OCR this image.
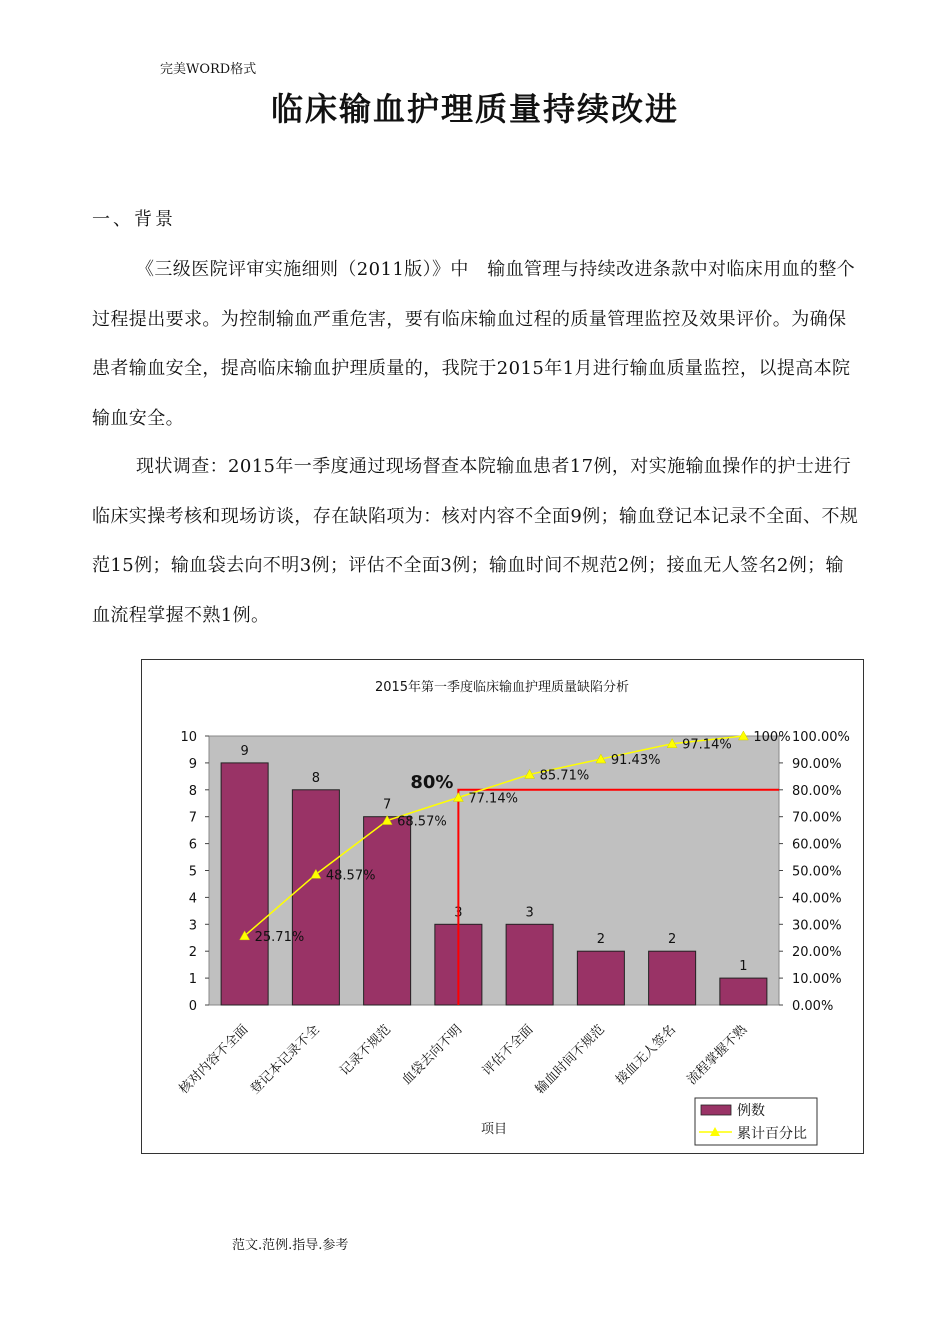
完美WORD格式
临床输血护理质量持续改进
一、背景
《三级医院评审实施细则（2011版）》中　输血管理与持续改进条款中对临床用血的整个过程提出要求。为控制输血严重危害，要有临床输血过程的质量管理监控及效果评价。为确保患者输血安全，提高临床输血护理质量的，我院于2015年1月进行输血质量监控，以提高本院输血安全。
现状调查：2015年一季度通过现场督查本院输血患者17例，对实施输血操作的护士进行临床实操考核和现场访谈，存在缺陷项为：核对内容不全面9例；输血登记本记录不全面、不规范15例；输血袋去向不明3例；评估不全面3例；输血时间不规范2例；接血无人签名2例；输血流程掌握不熟1例。
2015年第一季度临床输血护理质量缺陷分析
0
1
2
3
4
5
6
7
8
9
10
0.00%
10.00%
20.00%
30.00%
40.00%
50.00%
60.00%
70.00%
80.00%
90.00%
100.00%
9
8
7
3	3
2	2
1
80%
25.71%
48.57%
68.57%
77.14%
85.71%
91.43%
97.14%
100%
核对内容不全面
登记本记录不全 记录不规范 血袋去向不明 评估不全面
输血时间不规范 接血无人签名 流程掌握不熟
项目
例数
累计百分比
范文.范例.指导.参考
